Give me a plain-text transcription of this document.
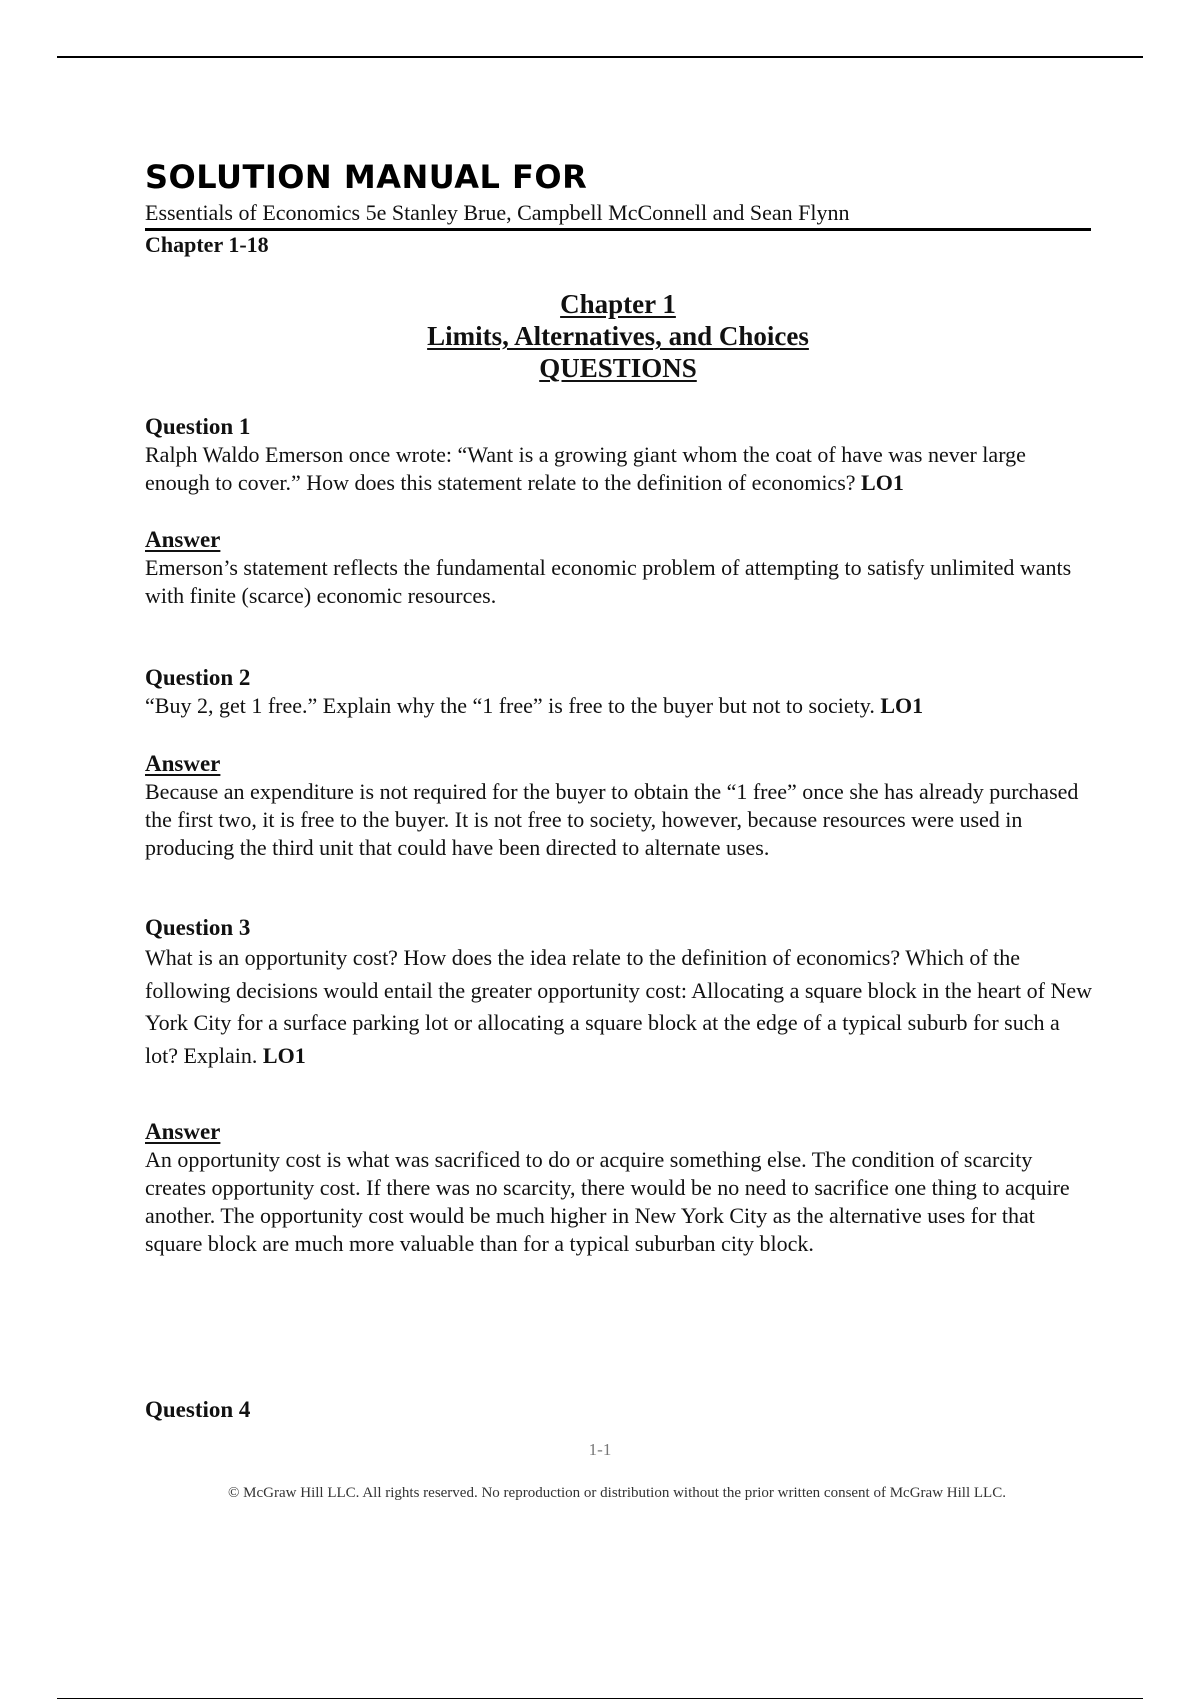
SOLUTION MANUAL FOR
Essentials of Economics 5e Stanley Brue, Campbell McConnell and Sean Flynn
Chapter 1-18
Chapter 1
Limits, Alternatives, and Choices
QUESTIONS
Question 1
Ralph Waldo Emerson once wrote: “Want is a growing giant whom the coat of have was never large enough to cover.” How does this statement relate to the definition of economics? LO1
Answer
Emerson’s statement reflects the fundamental economic problem of attempting to satisfy unlimited wants with finite (scarce) economic resources.
Question 2
“Buy 2, get 1 free.” Explain why the “1 free” is free to the buyer but not to society. LO1
Answer
Because an expenditure is not required for the buyer to obtain the “1 free” once she has already purchased the first two, it is free to the buyer. It is not free to society, however, because resources were used in producing the third unit that could have been directed to alternate uses.
Question 3
What is an opportunity cost? How does the idea relate to the definition of economics? Which of the following decisions would entail the greater opportunity cost: Allocating a square block in the heart of New York City for a surface parking lot or allocating a square block at the edge of a typical suburb for such a lot? Explain. LO1
Answer
An opportunity cost is what was sacrificed to do or acquire something else. The condition of scarcity creates opportunity cost. If there was no scarcity, there would be no need to sacrifice one thing to acquire another. The opportunity cost would be much higher in New York City as the alternative uses for that square block are much more valuable than for a typical suburban city block.
Question 4
1-1
© McGraw Hill LLC. All rights reserved. No reproduction or distribution without the prior written consent of McGraw Hill LLC.
